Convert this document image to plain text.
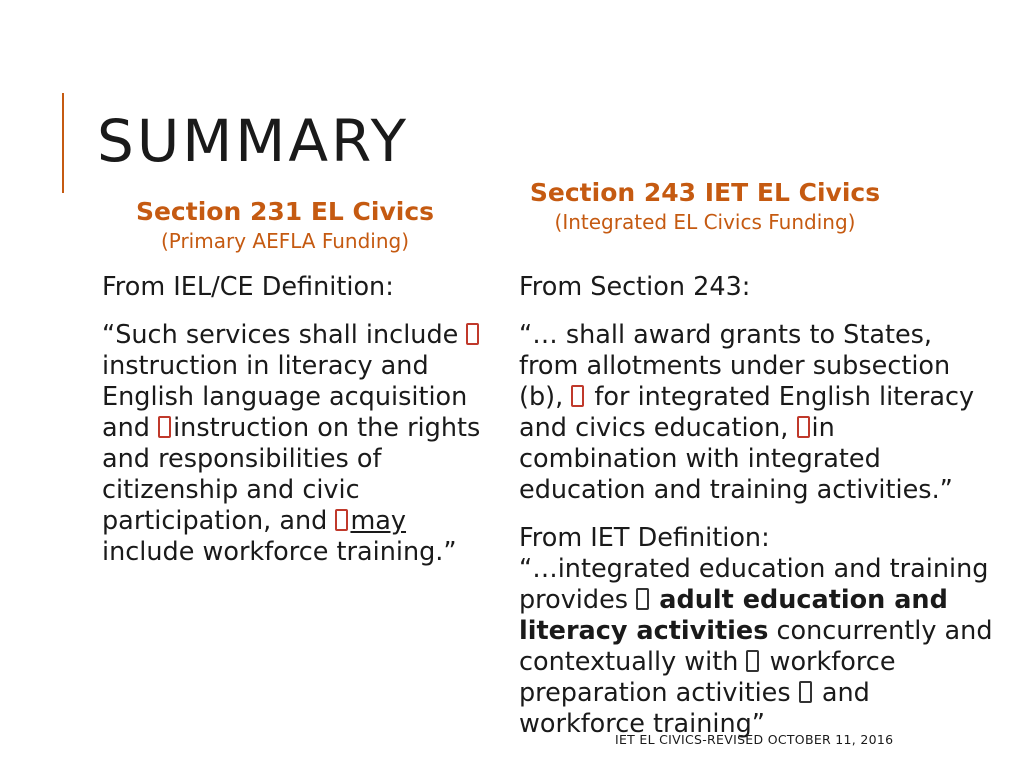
SUMMARY
Section 231 EL Civics
(Primary AEFLA Funding)
Section 243 IET EL Civics
(Integrated EL Civics Funding)

From IEL/CE Definition:

“Such services shall include instruction in literacy and English language acquisition and instruction on the rights and responsibilities of citizenship and civic participation, and may include workforce training.”

From Section 243:

“… shall award grants to States, from allotments under subsection (b), for integrated English literacy and civics education, in combination with integrated education and training activities.”

From IET Definition:

“…integrated education and training provides adult education and literacy activities concurrently and contextually with workforce preparation activities and workforce training”

IET EL CIVICS-REVISED OCTOBER 11, 2016
